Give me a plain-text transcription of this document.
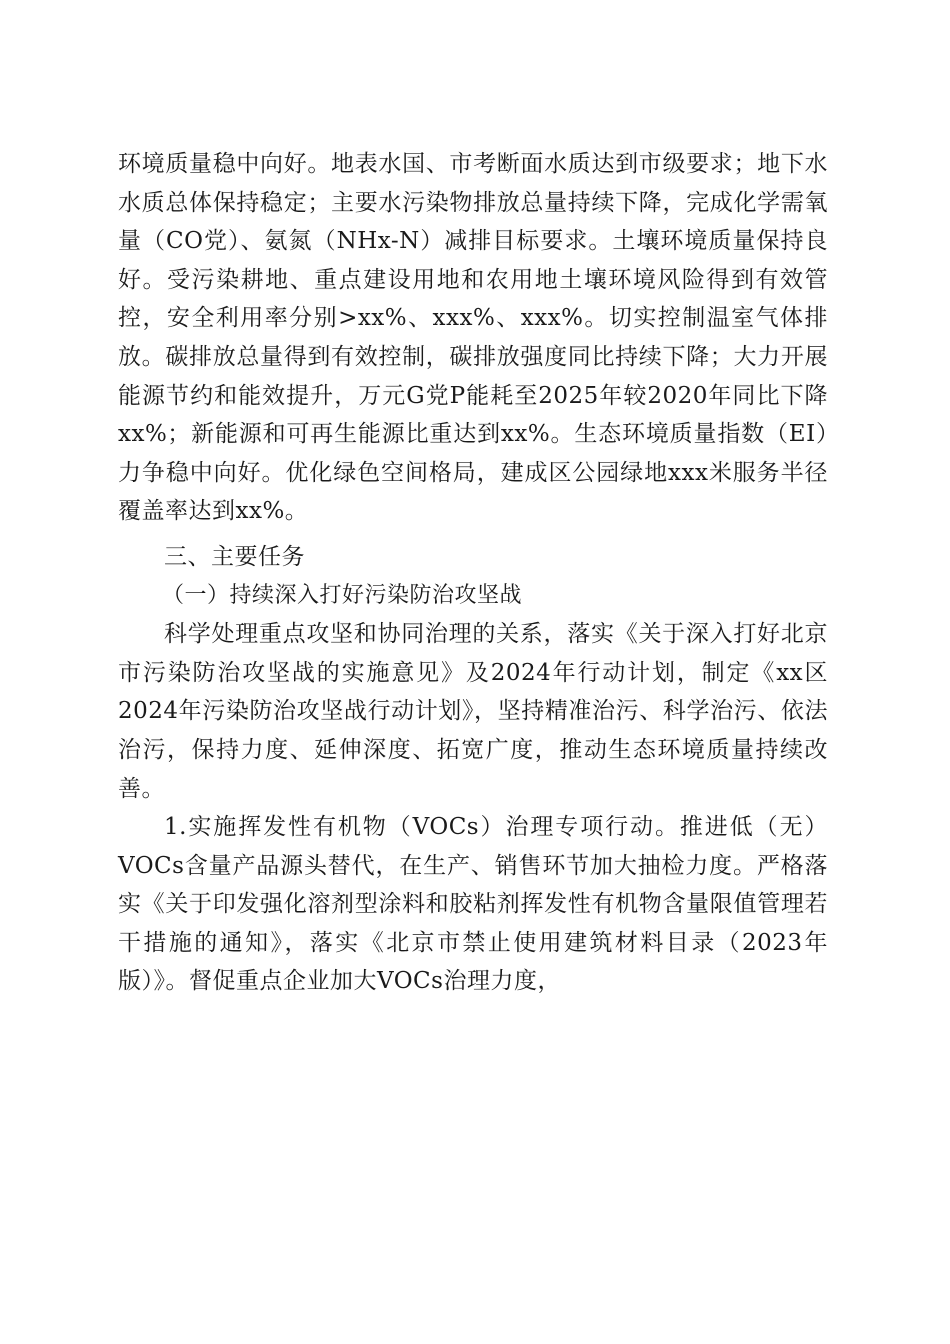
环境质量稳中向好。地表水国、市考断面水质达到市级要求；地下水水质总体保持稳定；主要水污染物排放总量持续下降，完成化学需氧量（CO党）、氨氮（NHx-N）减排目标要求。土壤环境质量保持良好。受污染耕地、重点建设用地和农用地土壤环境风险得到有效管控，安全利用率分别>xx%、xxx%、xxx%。切实控制温室气体排放。碳排放总量得到有效控制，碳排放强度同比持续下降；大力开展能源节约和能效提升，万元G党P能耗至2025年较2020年同比下降xx%；新能源和可再生能源比重达到xx%。生态环境质量指数（EI）力争稳中向好。优化绿色空间格局，建成区公园绿地xxx米服务半径覆盖率达到xx%。

三、主要任务

（一）持续深入打好污染防治攻坚战

科学处理重点攻坚和协同治理的关系，落实《关于深入打好北京市污染防治攻坚战的实施意见》及2024年行动计划，制定《xx区2024年污染防治攻坚战行动计划》，坚持精准治污、科学治污、依法治污，保持力度、延伸深度、拓宽广度，推动生态环境质量持续改善。

1.实施挥发性有机物（VOCs）治理专项行动。推进低（无）VOCs含量产品源头替代，在生产、销售环节加大抽检力度。严格落实《关于印发强化溶剂型涂料和胶粘剂挥发性有机物含量限值管理若干措施的通知》，落实《北京市禁止使用建筑材料目录（2023年版）》。督促重点企业加大VOCs治理力度，
